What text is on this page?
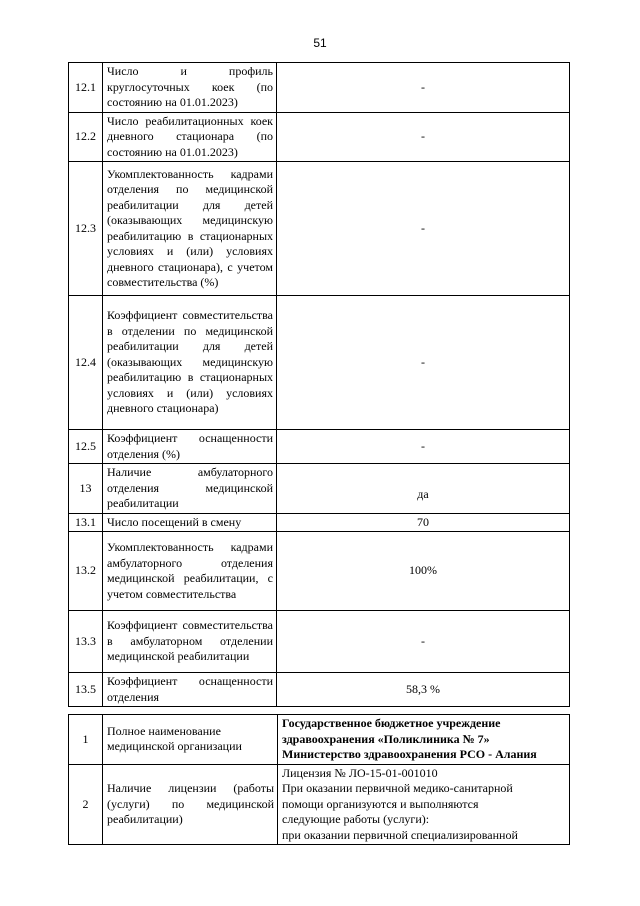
51
12.1	Число и профиль круглосуточных коек (по состоянию на 01.01.2023)	-
12.2	Число реабилитационных коек дневного стационара (по состоянию на 01.01.2023)	-
12.3	Укомплектованность кадрами отделения по медицинской реабилитации для детей (оказывающих медицинскую реабилитацию в стационарных условиях и (или) условиях дневного стационара), с учетом совместительства (%)	-
12.4	Коэффициент совместительства в отделении по медицинской реабилитации для детей (оказывающих медицинскую реабилитацию в стационарных условиях и (или) условиях дневного стационара)	-
12.5	Коэффициент оснащенности отделения (%)	-
13	Наличие амбулаторного отделения медицинской реабилитации	да
13.1	Число посещений в смену	70
13.2	Укомплектованность кадрами амбулаторного отделения медицинской реабилитации, с учетом совместительства	100%
13.3	Коэффициент совместительства в амбулаторном отделении медицинской реабилитации	-
13.5	Коэффициент оснащенности отделения	58,3 %
1	Полное наименование медицинской организации	Государственное бюджетное учреждение
здравоохранения «Поликлиника № 7»
Министерство здравоохранения РСО - Алания

2	Наличие лицензии (работы (услуги) по медицинской реабилитации)	Лицензия № ЛО-15-01-001010
При оказании первичной медико-санитарной
помощи организуются и выполняются
следующие работы (услуги):
при оказании первичной специализированной
